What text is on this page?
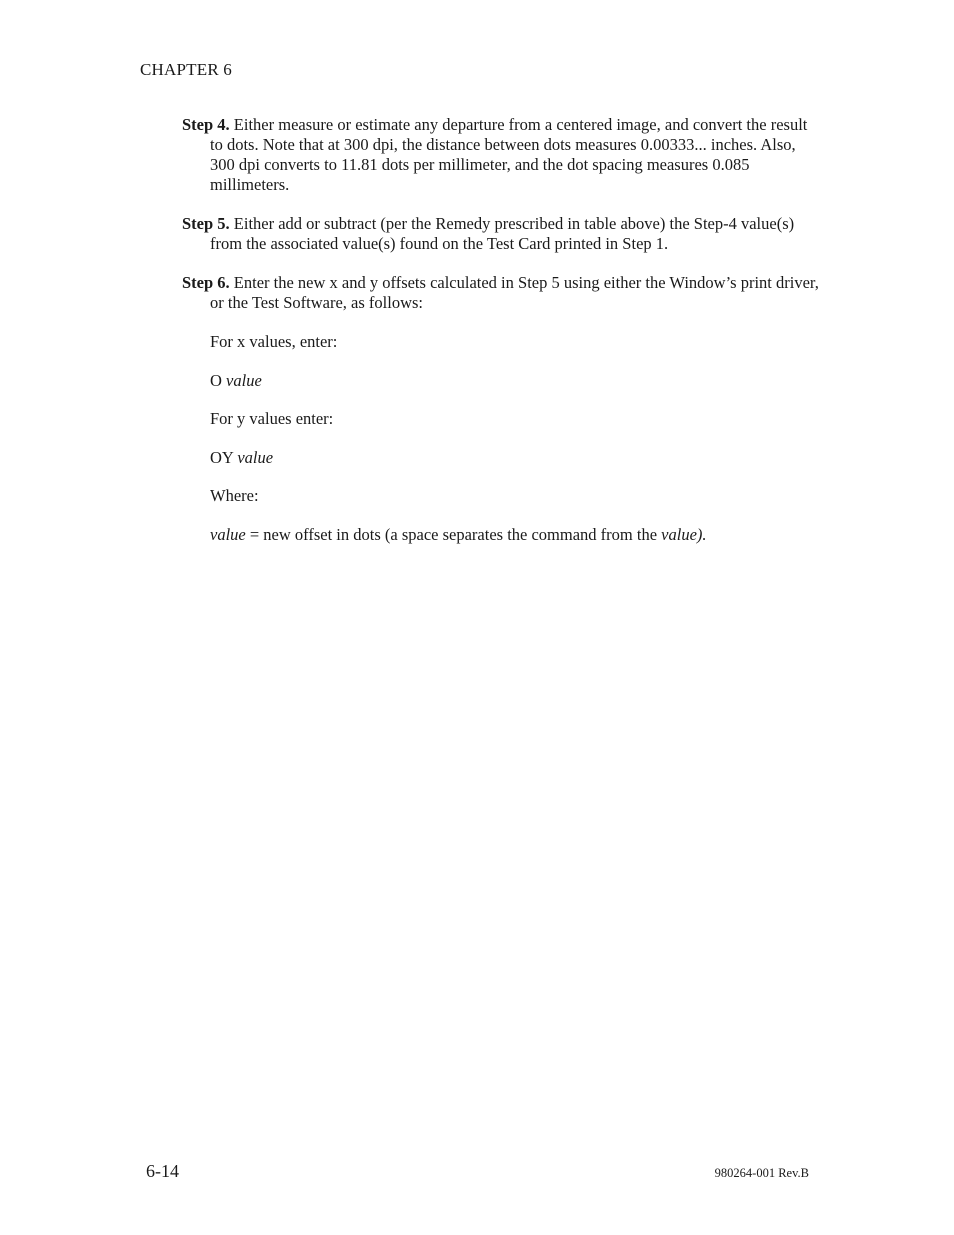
CHAPTER 6

Step 4. Either measure or estimate any departure from a centered image, and convert the result to dots. Note that at 300 dpi, the distance between dots measures 0.00333... inches. Also, 300 dpi converts to 11.81 dots per millimeter, and the dot spacing measures 0.085 millimeters.

Step 5. Either add or subtract (per the Remedy prescribed in table above) the Step-4 value(s) from the associated value(s) found on the Test Card printed in Step 1.

Step 6. Enter the new x and y offsets calculated in Step 5 using either the Window’s print driver, or the Test Software, as follows:

For x values, enter:

O value

For y values enter:

OY value

Where:

value = new offset in dots (a space separates the command from the value).

6-14	980264-001 Rev.B
